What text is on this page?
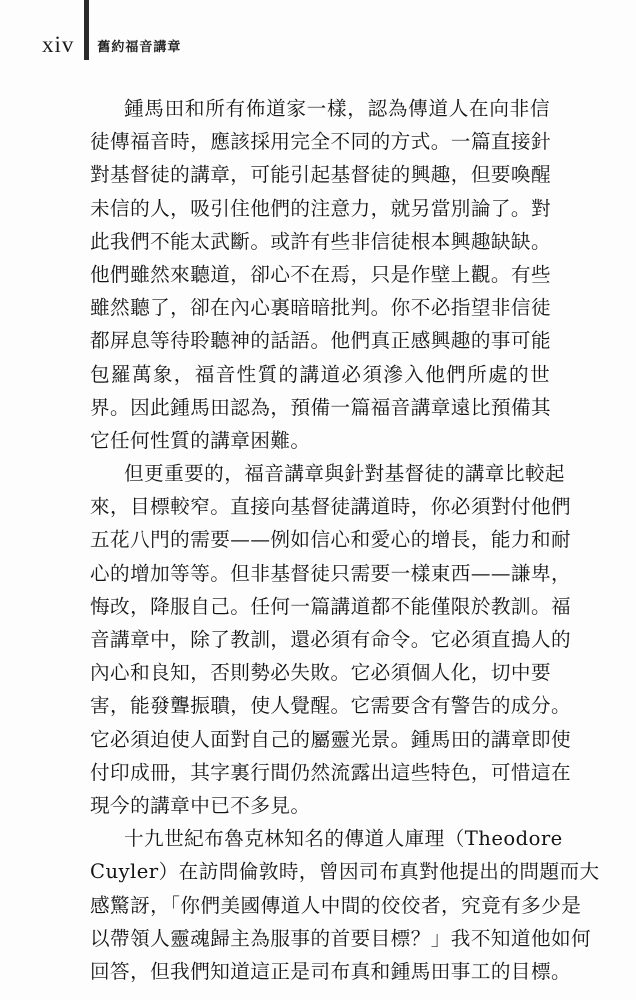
xiv 舊約福音講章
鍾馬田和所有佈道家一樣，認為傳道人在向非信
徒傳福音時，應該採用完全不同的方式。一篇直接針
對基督徒的講章，可能引起基督徒的興趣，但要喚醒
未信的人，吸引住他們的注意力，就另當別論了。對
此我們不能太武斷。或許有些非信徒根本興趣缺缺。
他們雖然來聽道，卻心不在焉，只是作壁上觀。有些
雖然聽了，卻在內心裏暗暗批判。你不必指望非信徒
都屏息等待聆聽神的話語。他們真正感興趣的事可能
包羅萬象，福音性質的講道必須滲入他們所處的世
界。因此鍾馬田認為，預備一篇福音講章遠比預備其
它任何性質的講章困難。
但更重要的，福音講章與針對基督徒的講章比較起
來，目標較窄。直接向基督徒講道時，你必須對付他們
五花八門的需要——例如信心和愛心的增長，能力和耐
心的增加等等。但非基督徒只需要一樣東西——謙卑，
悔改，降服自己。任何一篇講道都不能僅限於教訓。福
音講章中，除了教訓，還必須有命令。它必須直搗人的
內心和良知，否則勢必失敗。它必須個人化，切中要
害，能發聾振聵，使人覺醒。它需要含有警告的成分。
它必須迫使人面對自己的屬靈光景。鍾馬田的講章即使
付印成冊，其字裏行間仍然流露出這些特色，可惜這在
現今的講章中已不多見。
十九世紀布魯克林知名的傳道人庫理（Theodore
Cuyler）在訪問倫敦時，曾因司布真對他提出的問題而大
感驚訝，「你們美國傳道人中間的佼佼者，究竟有多少是
以帶領人靈魂歸主為服事的首要目標？」我不知道他如何
回答，但我們知道這正是司布真和鍾馬田事工的目標。
